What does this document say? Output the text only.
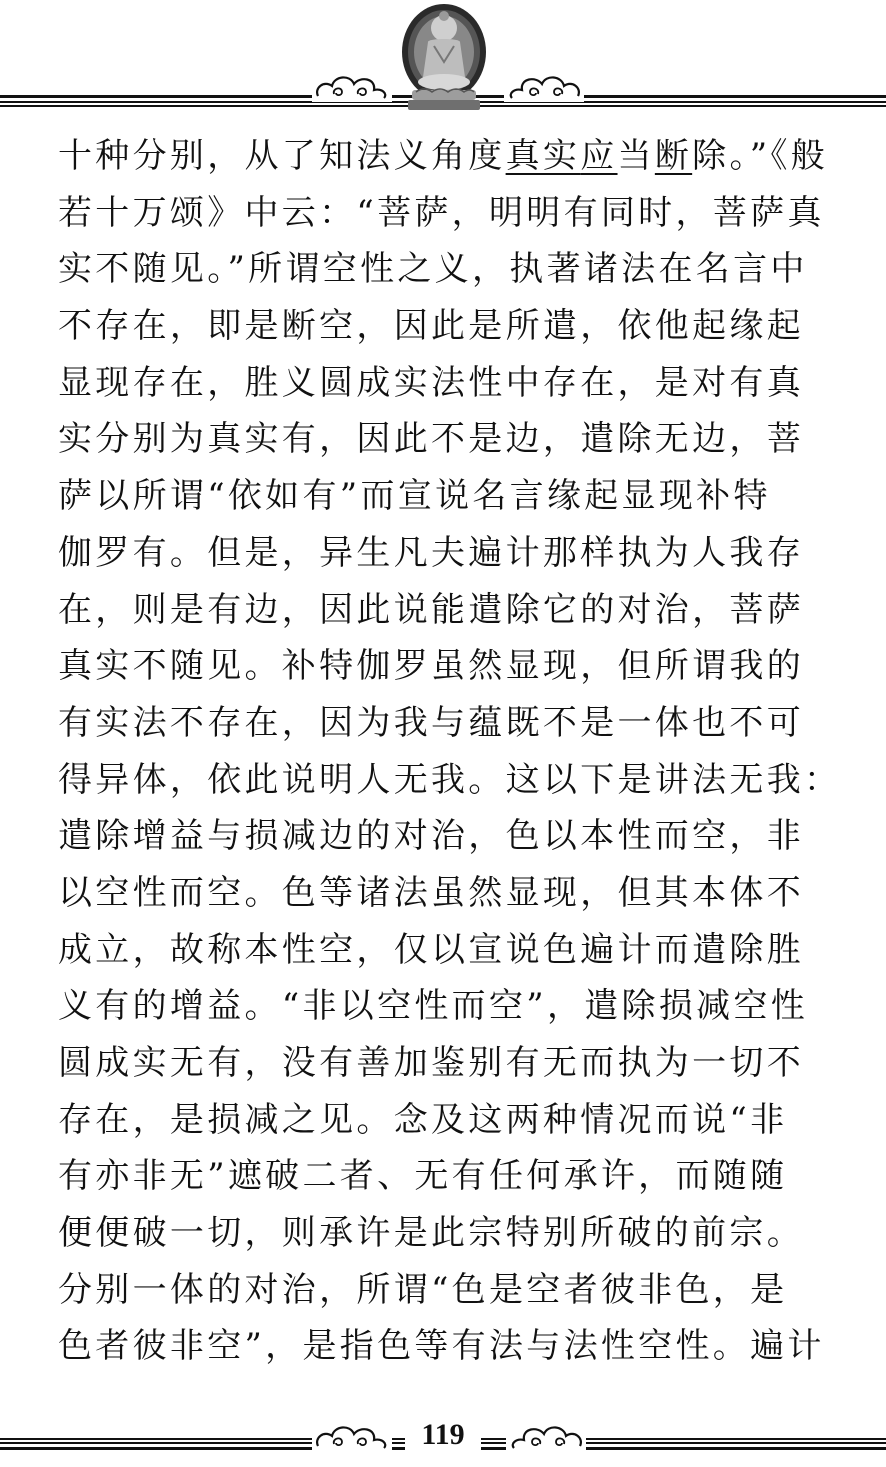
十种分别，从了知法义角度真实应当断除。”《般
若十万颂》中云：“菩萨，明明有同时，菩萨真
实不随见。”所谓空性之义，执著诸法在名言中
不存在，即是断空，因此是所遣，依他起缘起
显现存在，胜义圆成实法性中存在，是对有真
实分别为真实有，因此不是边，遣除无边，菩
萨以所谓“依如有”而宣说名言缘起显现补特
伽罗有。但是，异生凡夫遍计那样执为人我存
在，则是有边，因此说能遣除它的对治，菩萨
真实不随见。补特伽罗虽然显现，但所谓我的
有实法不存在，因为我与蕴既不是一体也不可
得异体，依此说明人无我。这以下是讲法无我：
遣除增益与损减边的对治，色以本性而空，非
以空性而空。色等诸法虽然显现，但其本体不
成立，故称本性空，仅以宣说色遍计而遣除胜
义有的增益。“非以空性而空”，遣除损减空性
圆成实无有，没有善加鉴别有无而执为一切不
存在，是损减之见。念及这两种情况而说“非
有亦非无”遮破二者、无有任何承许，而随随
便便破一切，则承许是此宗特别所破的前宗。
分别一体的对治，所谓“色是空者彼非色，是
色者彼非空”，是指色等有法与法性空性。遍计
119
